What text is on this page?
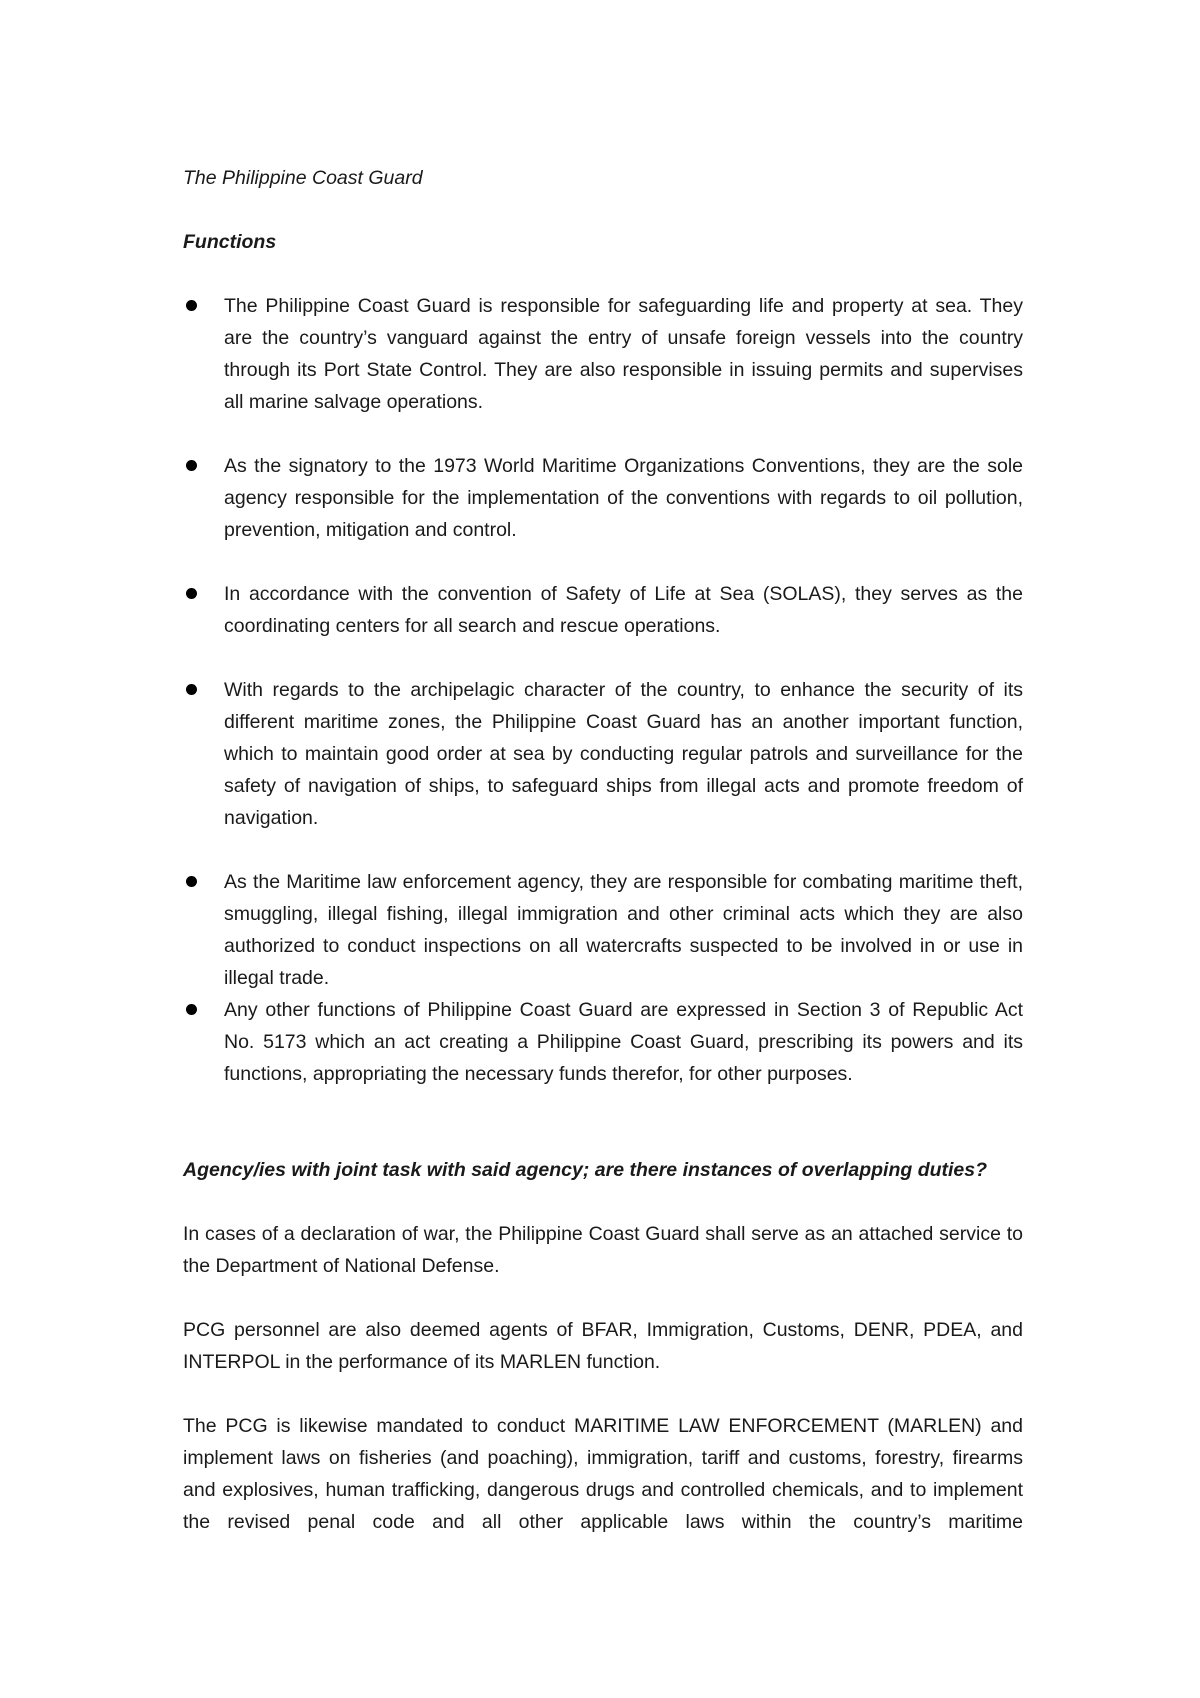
The Philippine Coast Guard

Functions

The Philippine Coast Guard is responsible for safeguarding life and property at sea. They are the country’s vanguard against the entry of unsafe foreign vessels into the country through its Port State Control. They are also responsible in issuing permits and supervises all marine salvage operations.
As the signatory to the 1973 World Maritime Organizations Conventions, they are the sole agency responsible for the implementation of the conventions with regards to oil pollution, prevention, mitigation and control.
In accordance with the convention of Safety of Life at Sea (SOLAS), they serves as the coordinating centers for all search and rescue operations.
With regards to the archipelagic character of the country, to enhance the security of its different maritime zones, the Philippine Coast Guard has an another important function, which to maintain good order at sea by conducting regular patrols and surveillance for the safety of navigation of ships, to safeguard ships from illegal acts and promote freedom of navigation.
As the Maritime law enforcement agency, they are responsible for combating maritime theft, smuggling, illegal fishing, illegal immigration and other criminal acts which they are also authorized to conduct inspections on all watercrafts suspected to be involved in or use in illegal trade.
Any other functions of Philippine Coast Guard are expressed in Section 3 of Republic Act No. 5173 which an act creating a Philippine Coast Guard, prescribing its powers and its functions, appropriating the necessary funds therefor, for other purposes.

Agency/ies with joint task with said agency; are there instances of overlapping duties?

In cases of a declaration of war, the Philippine Coast Guard shall serve as an attached service to the Department of National Defense.

PCG personnel are also deemed agents of BFAR, Immigration, Customs, DENR, PDEA, and INTERPOL in the performance of its MARLEN function.

The PCG is likewise mandated to conduct MARITIME LAW ENFORCEMENT (MARLEN) and implement laws on fisheries (and poaching), immigration, tariff and customs, forestry, firearms and explosives, human trafficking, dangerous drugs and controlled chemicals, and to implement the revised penal code and all other applicable laws within the country’s maritime
